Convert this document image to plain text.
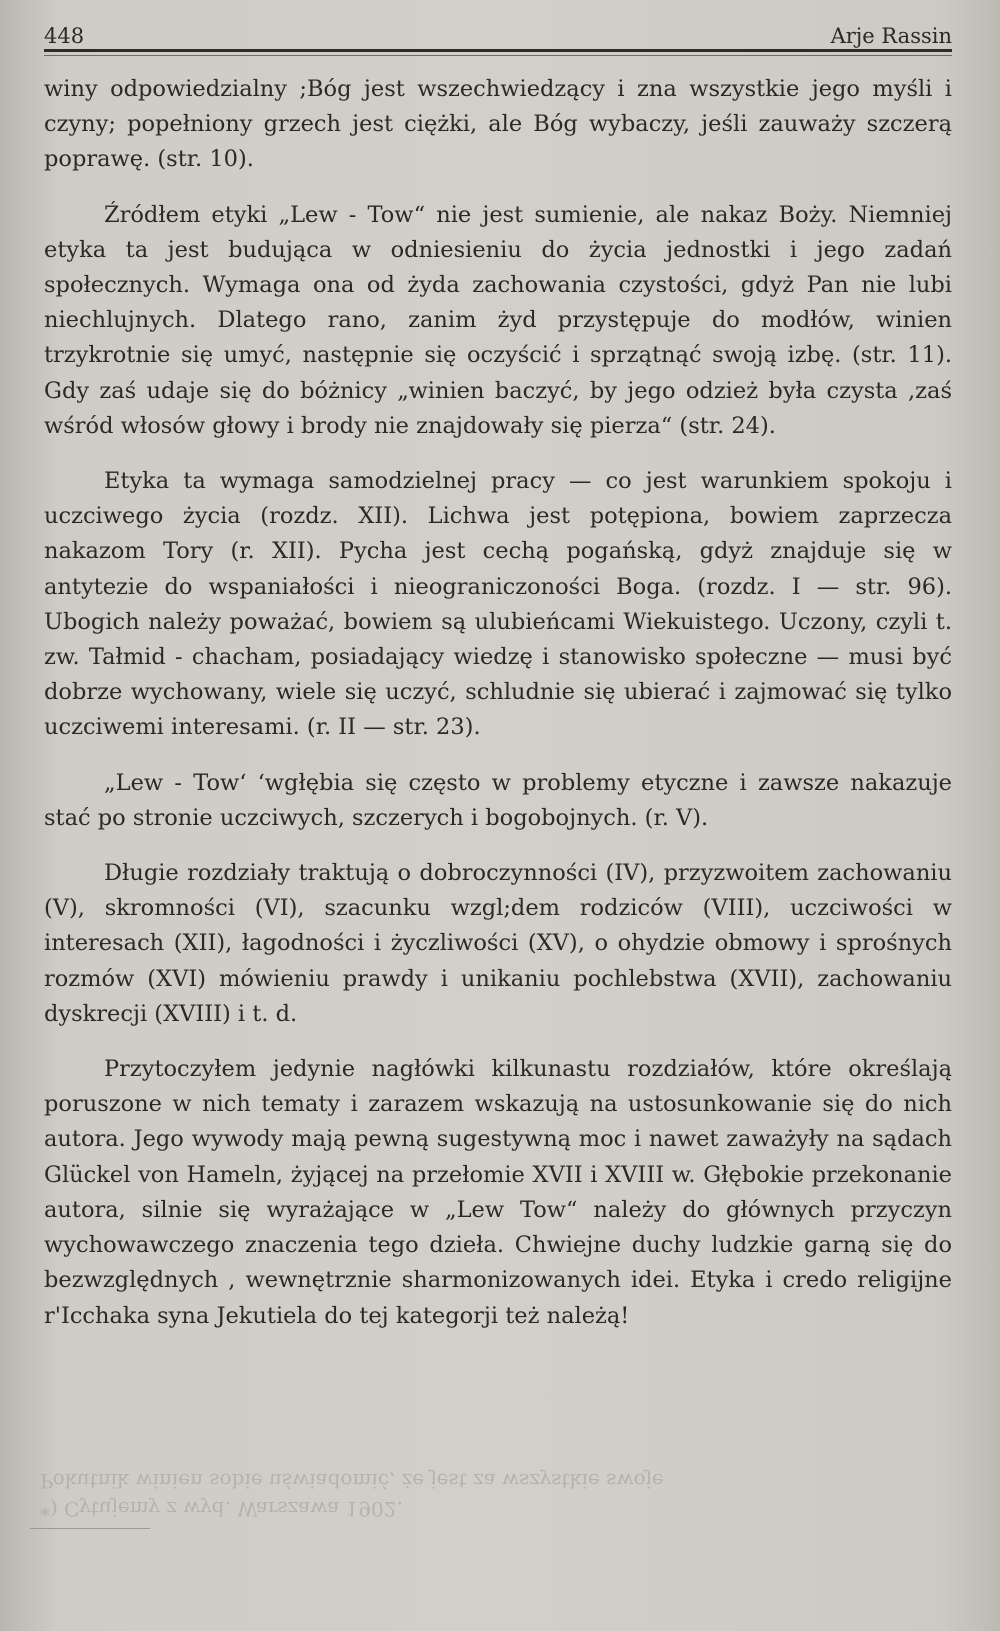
448	Arje Rassin

winy odpowiedzialny ;Bóg jest wszechwiedzący i zna wszystkie jego myśli i czyny; popełniony grzech jest ciężki, ale Bóg wybaczy, jeśli zauważy szczerą poprawę. (str. 10).

Źródłem etyki „Lew - Tow“ nie jest sumienie, ale nakaz Boży. Niemniej etyka ta jest budująca w odniesieniu do życia jednostki i jego zadań społecznych. Wymaga ona od żyda zachowania czystości, gdyż Pan nie lubi niechlujnych. Dlatego rano, zanim żyd przystępuje do modłów, winien trzykrotnie się umyć, następnie się oczyścić i sprzątnąć swoją izbę. (str. 11). Gdy zaś udaje się do bóżnicy „winien baczyć, by jego odzież była czysta ,zaś wśród włosów głowy i brody nie znajdowały się pierza“ (str. 24).

Etyka ta wymaga samodzielnej pracy — co jest warunkiem spokoju i uczciwego życia (rozdz. XII). Lichwa jest potępiona, bowiem zaprzecza nakazom Tory (r. XII). Pycha jest cechą pogańską, gdyż znajduje się w antytezie do wspaniałości i nieograniczoności Boga. (rozdz. I — str. 96). Ubogich należy poważać, bowiem są ulubieńcami Wiekuistego. Uczony, czyli t. zw. Tałmid - chacham, posiadający wiedzę i stanowisko społeczne — musi być dobrze wychowany, wiele się uczyć, schludnie się ubierać i zajmować się tylko uczciwemi interesami. (r. II — str. 23).

„Lew - Tow‘ ‘wgłębia się często w problemy etyczne i zawsze nakazuje stać po stronie uczciwych, szczerych i bogobojnych. (r. V).

Długie rozdziały traktują o dobroczynności (IV), przyzwoitem zachowaniu (V), skromności (VI), szacunku wzgl;dem rodziców (VIII), uczciwości w interesach (XII), łagodności i życzliwości (XV), o ohydzie obmowy i sprośnych rozmów (XVI) mówieniu prawdy i unikaniu pochlebstwa (XVII), zachowaniu dyskrecji (XVIII) i t. d.

Przytoczyłem jedynie nagłówki kilkunastu rozdziałów, które określają poruszone w nich tematy i zarazem wskazują na ustosunkowanie się do nich autora. Jego wywody mają pewną sugestywną moc i nawet zaważyły na sądach Glückel von Hameln, żyjącej na przełomie XVII i XVIII w. Głębokie przekonanie autora, silnie się wyrażające w „Lew Tow“ należy do głównych przyczyn wychowawczego znaczenia tego dzieła. Chwiejne duchy ludzkie garną się do bezwzględnych , wewnętrznie sharmonizowanych idei. Etyka i credo religijne r'Icchaka syna Jekutiela do tej kategorji też należą!

*) Cytujemy z wyd. Warszawa 1902.
Pokutnik winien sobie uświadomić, że jest za wszystkie swoje
